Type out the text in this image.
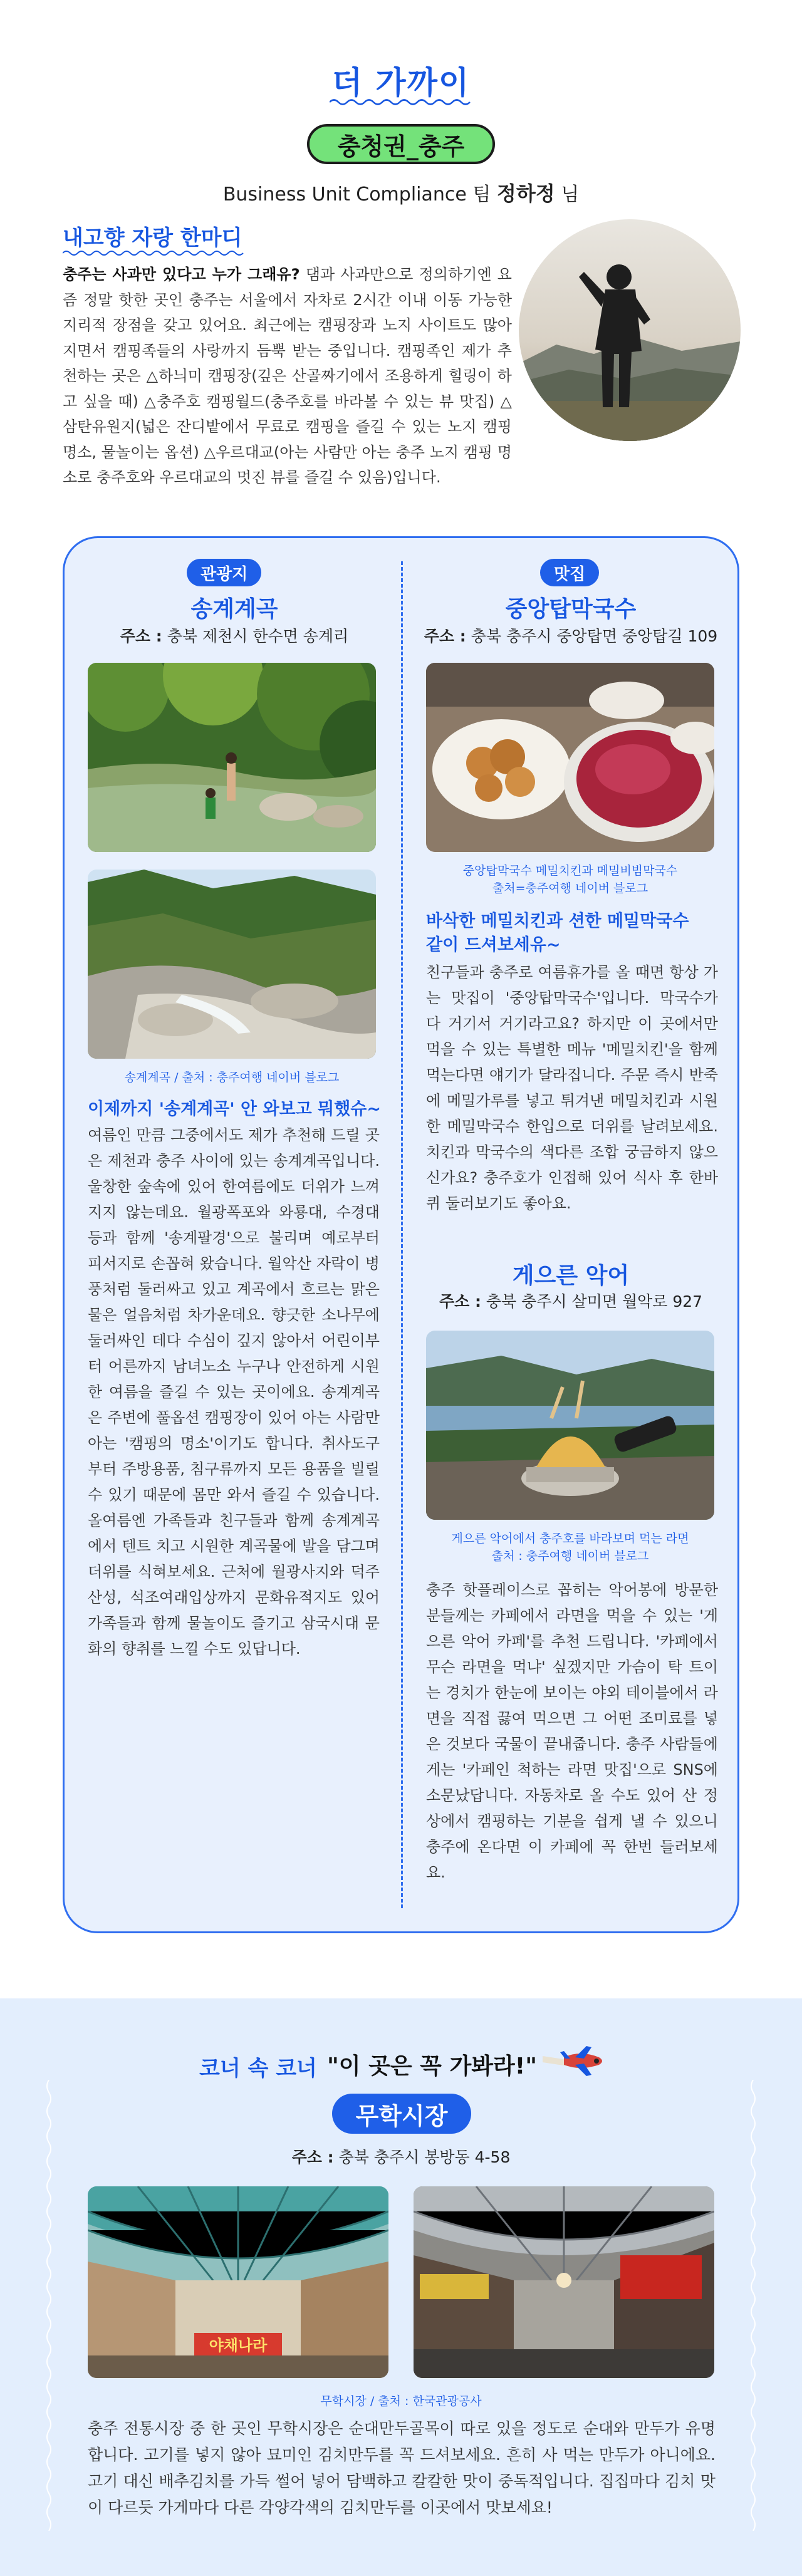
더 가까이
충청권_충주
Business Unit Compliance 팀 정하정 님
내고향 자랑 한마디
충주는 사과만 있다고 누가 그래유? 댐과 사과만으로 정의하기엔 요즘 정말 핫한 곳인 충주는 서울에서 자차로 2시간 이내 이동 가능한 지리적 장점을 갖고 있어요. 최근에는 캠핑장과 노지 사이트도 많아지면서 캠핑족들의 사랑까지 듬뿍 받는 중입니다. 캠핑족인 제가 추천하는 곳은 △하늬미 캠핑장(깊은 산골짜기에서 조용하게 힐링이 하고 싶을 때) △충주호 캠핑월드(충주호를 바라볼 수 있는 뷰 맛집) △삼탄유원지(넓은 잔디밭에서 무료로 캠핑을 즐길 수 있는 노지 캠핑 명소, 물놀이는 옵션) △우르대교(아는 사람만 아는 충주 노지 캠핑 명소로 충주호와 우르대교의 멋진 뷰를 즐길 수 있음)입니다.
관광지
송계계곡
주소 : 충북 제천시 한수면 송계리
송계계곡 / 출처 : 충주여행 네이버 블로그
이제까지 '송계계곡' 안 와보고 뭐했슈~
여름인 만큼 그중에서도 제가 추천해 드릴 곳은 제천과 충주 사이에 있는 송계계곡입니다. 울창한 숲속에 있어 한여름에도 더위가 느껴지지 않는데요. 월광폭포와 와룡대, 수경대 등과 함께 '송계팔경'으로 불리며 예로부터 피서지로 손꼽혀 왔습니다. 월악산 자락이 병풍처럼 둘러싸고 있고 계곡에서 흐르는 맑은 물은 얼음처럼 차가운데요. 향긋한 소나무에 둘러싸인 데다 수심이 깊지 않아서 어린이부터 어른까지 남녀노소 누구나 안전하게 시원한 여름을 즐길 수 있는 곳이에요. 송계계곡은 주변에 풀옵션 캠핑장이 있어 아는 사람만 아는 '캠핑의 명소'이기도 합니다. 취사도구부터 주방용품, 침구류까지 모든 용품을 빌릴 수 있기 때문에 몸만 와서 즐길 수 있습니다. 올여름엔 가족들과 친구들과 함께 송계계곡에서 텐트 치고 시원한 계곡물에 발을 담그며 더위를 식혀보세요. 근처에 월광사지와 덕주산성, 석조여래입상까지 문화유적지도 있어 가족들과 함께 물놀이도 즐기고 삼국시대 문화의 향취를 느낄 수도 있답니다.
맛집
중앙탑막국수
주소 : 충북 충주시 중앙탑면 중앙탑길 109
중앙탑막국수 메밀치킨과 메밀비빔막국수
출처=충주여행 네이버 블로그
바삭한 메밀치킨과 션한 메밀막국수
같이 드셔보세유~
친구들과 충주로 여름휴가를 올 때면 항상 가는 맛집이 '중앙탑막국수'입니다. 막국수가 다 거기서 거기라고요? 하지만 이 곳에서만 먹을 수 있는 특별한 메뉴 '메밀치킨'을 함께 먹는다면 얘기가 달라집니다. 주문 즉시 반죽에 메밀가루를 넣고 튀겨낸 메밀치킨과 시원한 메밀막국수 한입으로 더위를 날려보세요. 치킨과 막국수의 색다른 조합 궁금하지 않으신가요? 충주호가 인접해 있어 식사 후 한바퀴 둘러보기도 좋아요.
게으른 악어
주소 : 충북 충주시 살미면 월악로 927
게으른 악어에서 충주호를 바라보며 먹는 라면
출처 : 충주여행 네이버 블로그
충주 핫플레이스로 꼽히는 악어봉에 방문한 분들께는 카페에서 라면을 먹을 수 있는 '게으른 악어 카페'를 추천 드립니다. '카페에서 무슨 라면을 먹냐' 싶겠지만 가슴이 탁 트이는 경치가 한눈에 보이는 야외 테이블에서 라면을 직접 끓여 먹으면 그 어떤 조미료를 넣은 것보다 국물이 끝내줍니다. 충주 사람들에게는 '카페인 척하는 라면 맛집'으로 SNS에 소문났답니다. 자동차로 올 수도 있어 산 정상에서 캠핑하는 기분을 쉽게 낼 수 있으니 충주에 온다면 이 카페에 꼭 한번 들러보세요.
코너 속 코너 "이 곳은 꼭 가봐라!"
무학시장
주소 : 충북 충주시 봉방동 4-58
야채나라
무학시장 / 출처 : 한국관광공사
충주 전통시장 중 한 곳인 무학시장은 순대만두골목이 따로 있을 정도로 순대와 만두가 유명합니다. 고기를 넣지 않아 묘미인 김치만두를 꼭 드셔보세요. 흔히 사 먹는 만두가 아니에요. 고기 대신 배추김치를 가득 썰어 넣어 담백하고 칼칼한 맛이 중독적입니다. 집집마다 김치 맛이 다르듯 가게마다 다른 각양각색의 김치만두를 이곳에서 맛보세요!
